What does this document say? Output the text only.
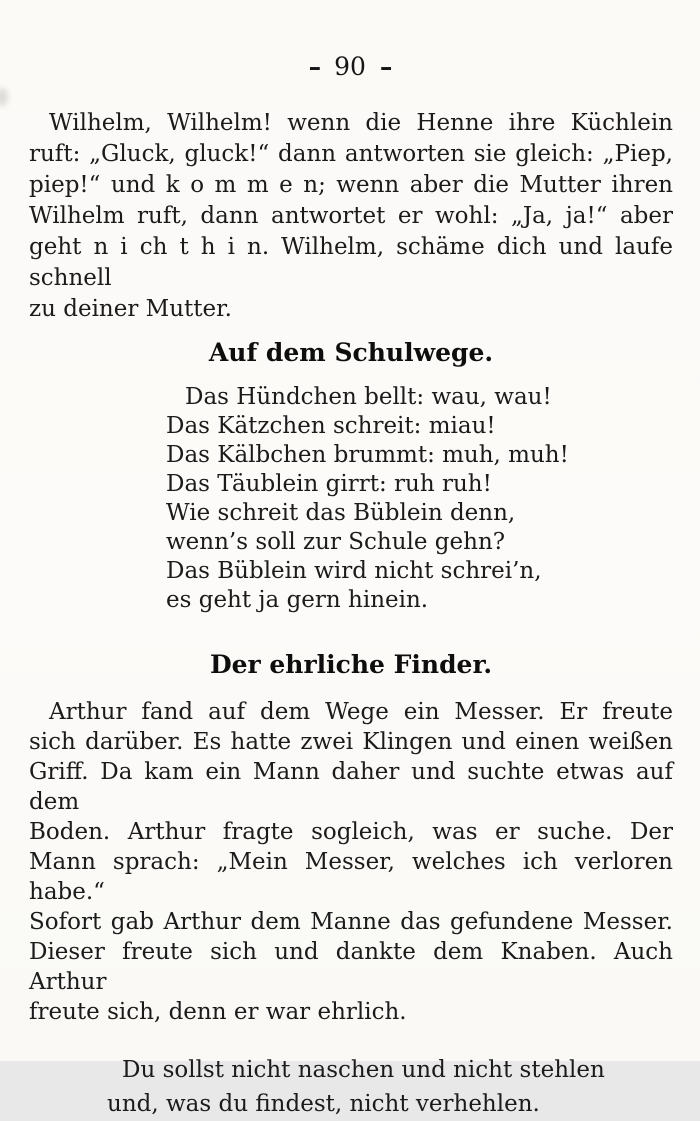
– 90 –
Wilhelm, Wilhelm! wenn die Henne ihre Küchlein
ruft: „Gluck, gluck!“ dann antworten sie gleich: „Piep,
piep!“ und k o m m e n; wenn aber die Mutter ihren
Wilhelm ruft, dann antwortet er wohl: „Ja, ja!“ aber
geht n i ch t h i n. Wilhelm, schäme dich und laufe schnell
zu deiner Mutter.
Auf dem Schulwege.
Das Hündchen bellt: wau, wau!
Das Kätzchen schreit: miau!
Das Kälbchen brummt: muh, muh!
Das Täublein girrt: ruh ruh!
Wie schreit das Büblein denn,
wenn’s soll zur Schule gehn?
Das Büblein wird nicht schrei’n,
es geht ja gern hinein.
Der ehrliche Finder.
Arthur fand auf dem Wege ein Messer. Er freute
sich darüber. Es hatte zwei Klingen und einen weißen
Griff. Da kam ein Mann daher und suchte etwas auf dem
Boden. Arthur fragte sogleich, was er suche. Der
Mann sprach: „Mein Messer, welches ich verloren habe.“
Sofort gab Arthur dem Manne das gefundene Messer.
Dieser freute sich und dankte dem Knaben. Auch Arthur
freute sich, denn er war ehrlich.
Du sollst nicht naschen und nicht stehlen
und, was du findest, nicht verhehlen.
